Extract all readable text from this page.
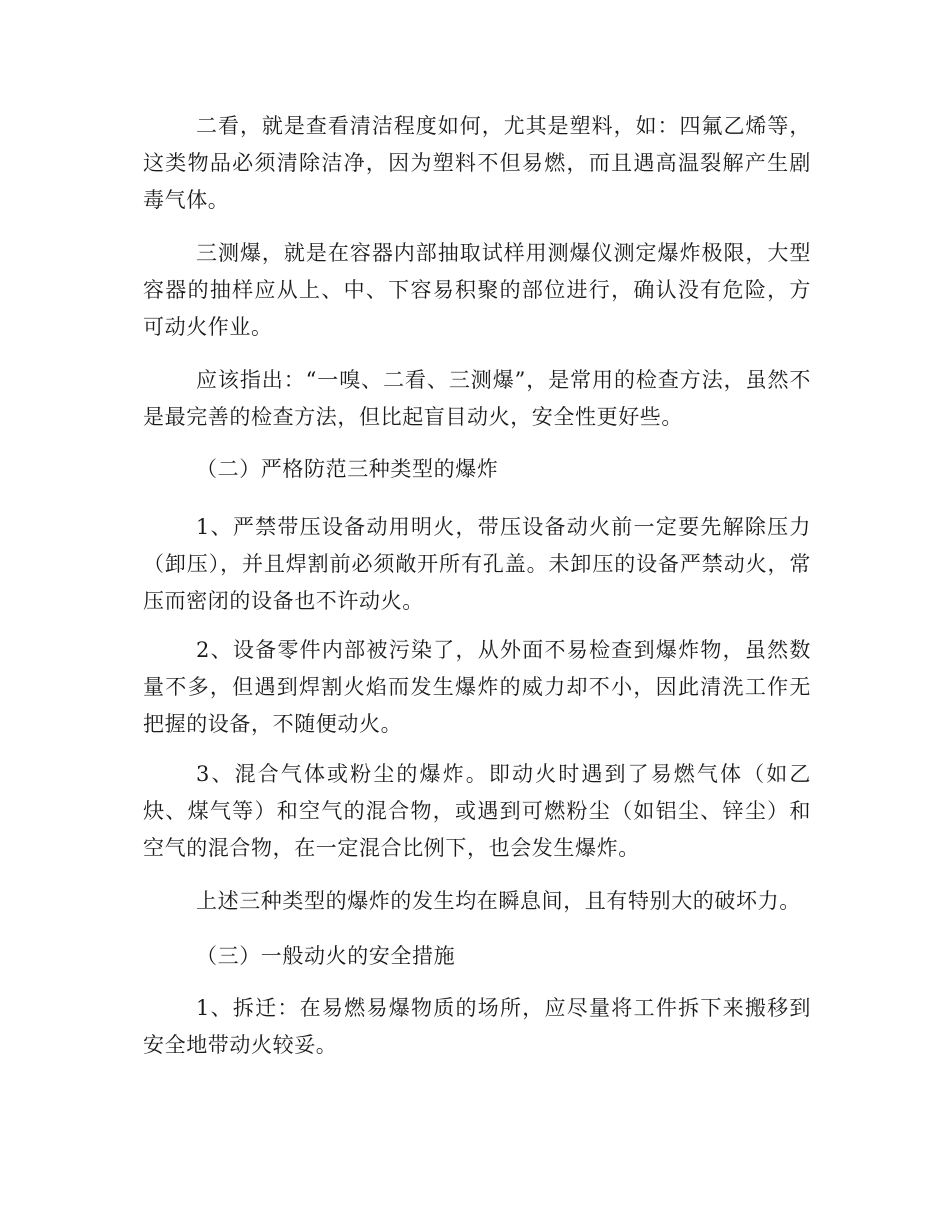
二看，就是查看清洁程度如何，尤其是塑料，如：四氟乙烯等，这类物品必须清除洁净，因为塑料不但易燃，而且遇高温裂解产生剧毒气体。

三测爆，就是在容器内部抽取试样用测爆仪测定爆炸极限，大型容器的抽样应从上、中、下容易积聚的部位进行，确认没有危险，方可动火作业。

应该指出：“一嗅、二看、三测爆”，是常用的检查方法，虽然不是最完善的检查方法，但比起盲目动火，安全性更好些。

（二）严格防范三种类型的爆炸

1、严禁带压设备动用明火，带压设备动火前一定要先解除压力（卸压），并且焊割前必须敞开所有孔盖。未卸压的设备严禁动火，常压而密闭的设备也不许动火。

2、设备零件内部被污染了，从外面不易检查到爆炸物，虽然数量不多，但遇到焊割火焰而发生爆炸的威力却不小，因此清洗工作无把握的设备，不随便动火。

3、混合气体或粉尘的爆炸。即动火时遇到了易燃气体（如乙炔、煤气等）和空气的混合物，或遇到可燃粉尘（如铝尘、锌尘）和空气的混合物，在一定混合比例下，也会发生爆炸。

上述三种类型的爆炸的发生均在瞬息间，且有特别大的破坏力。

（三）一般动火的安全措施

1、拆迁：在易燃易爆物质的场所，应尽量将工件拆下来搬移到安全地带动火较妥。
